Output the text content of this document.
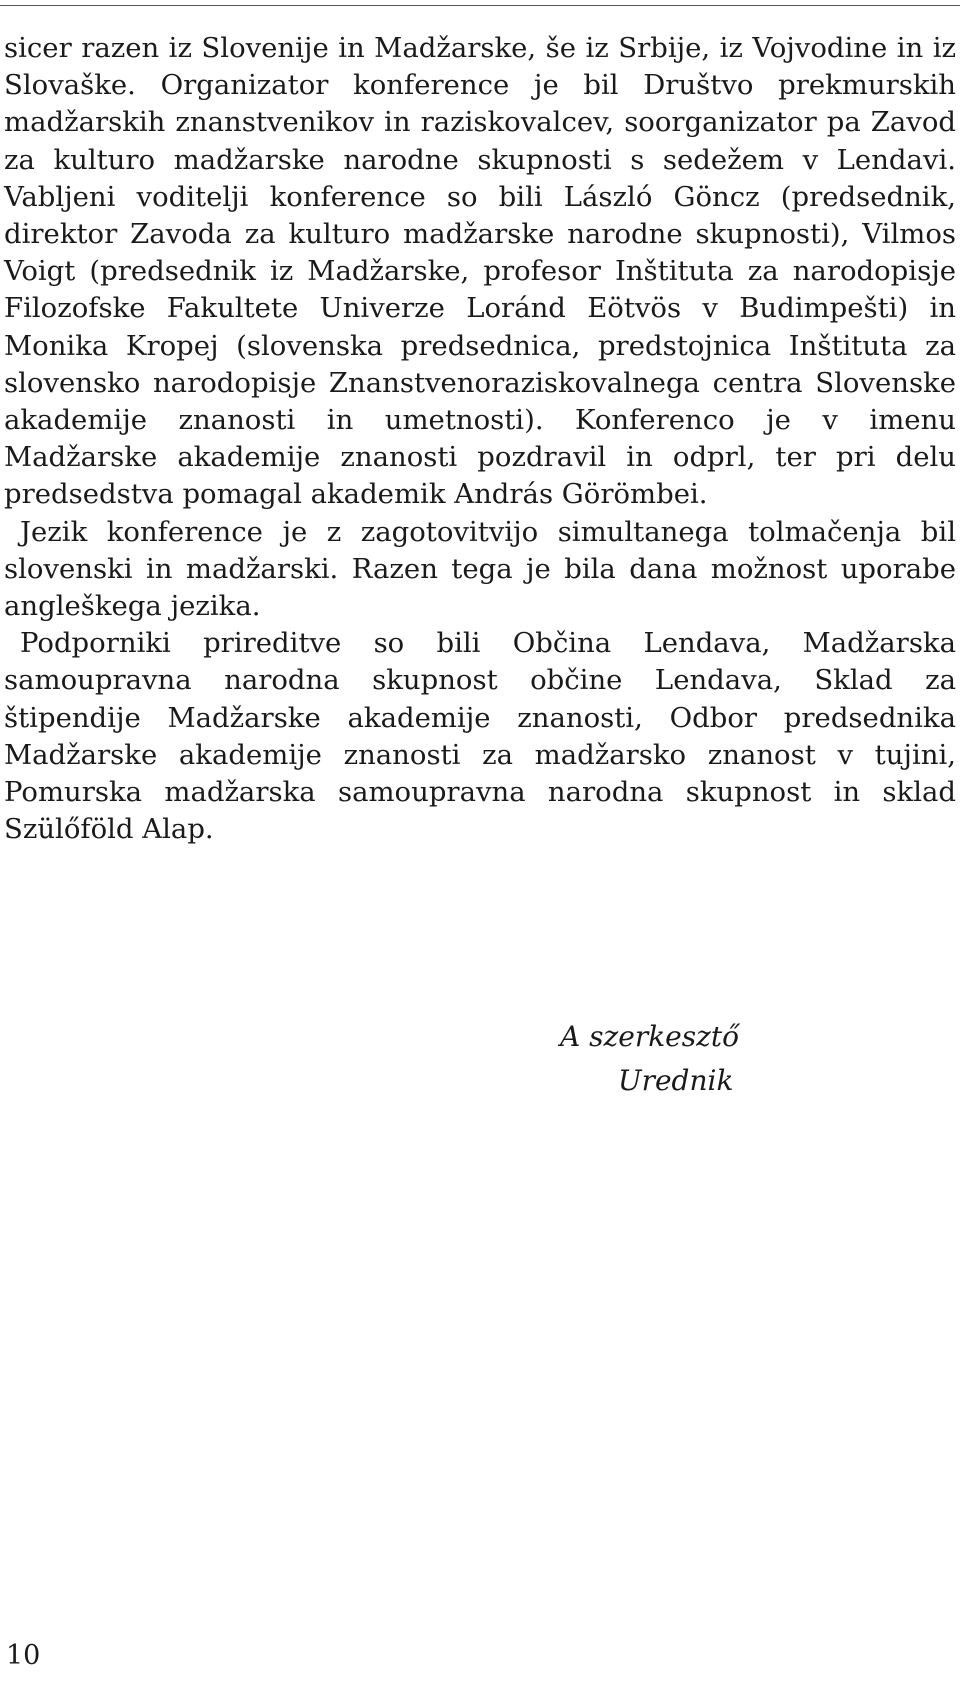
sicer razen iz Slovenije in Madžarske, še iz Srbije, iz Vojvodine in iz Slovaške. Organizator konference je bil Društvo prekmurskih madžarskih znanstvenikov in raziskovalcev, soorganizator pa Zavod za kulturo madžarske narodne skupnosti s sedežem v Lendavi. Vabljeni voditelji konference so bili László Göncz (predsednik, direktor Zavoda za kulturo madžarske narodne skupnosti), Vilmos Voigt (predsednik iz Madžarske, profesor Inštituta za narodopisje Filozofske Fakultete Univerze Loránd Eötvös v Budimpešti) in Monika Kropej (slovenska predsednica, predstojnica Inštituta za slovensko narodopisje Znanstvenoraziskovalnega centra Slovenske akademije znanosti in umetnosti). Konferenco je v imenu Madžarske akademije znanosti pozdravil in odprl, ter pri delu predsedstva pomagal akademik András Görömbei.

Jezik konference je z zagotovitvijo simultanega tolmačenja bil slovenski in madžarski. Razen tega je bila dana možnost uporabe angleškega jezika.

Podporniki prireditve so bili Občina Lendava, Madžarska samoupravna narodna skupnost občine Lendava, Sklad za štipendije Madžarske akademije znanosti, Odbor predsednika Madžarske akademije znanosti za madžarsko znanost v tujini, Pomurska madžarska samoupravna narodna skupnost in sklad Szülőföld Alap.

A szerkesztő
Urednik
10
